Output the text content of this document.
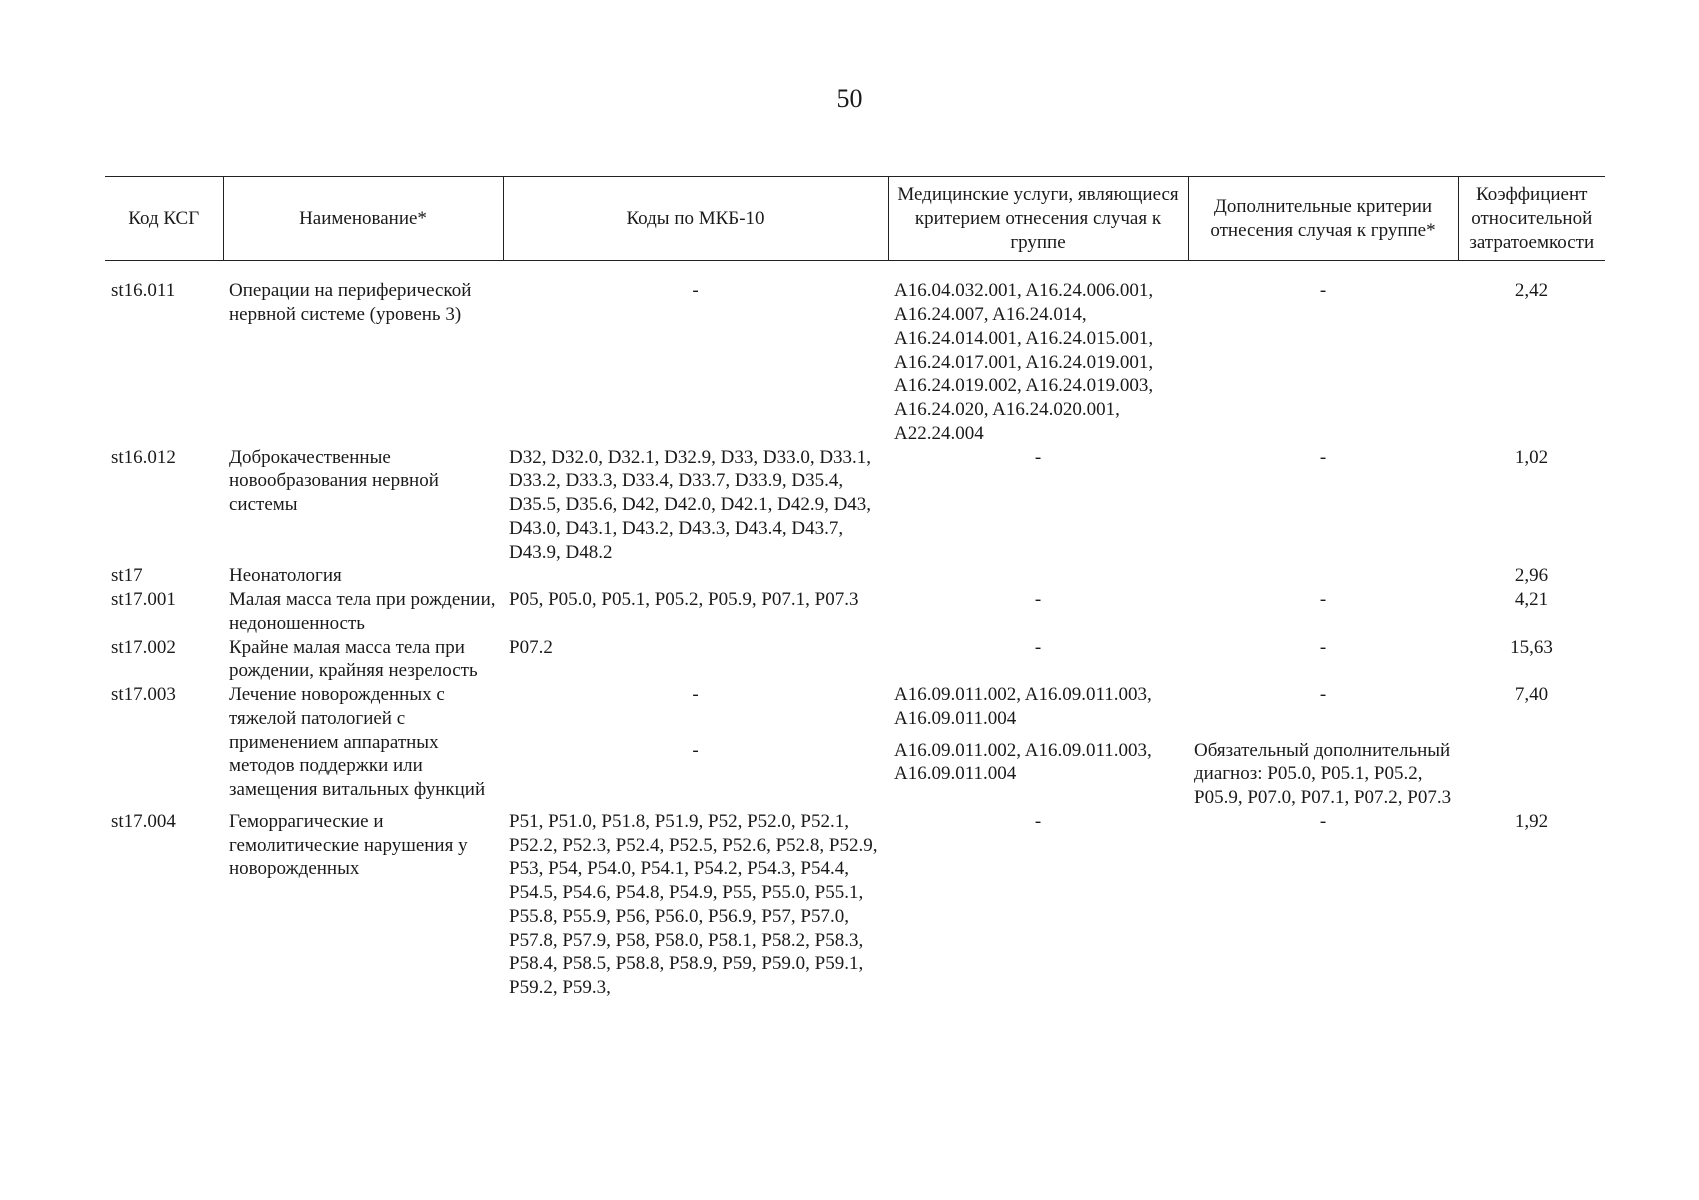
50
Код КСГ	Наименование*	Коды по МКБ-10	Медицинские услуги, являющиеся критерием отнесения случая к группе	Дополнительные критерии отнесения случая к группе*	Коэффициент относительной затратоемкости

st16.011	Операции на периферической нервной системе (уровень 3)	-	A16.04.032.001, A16.24.006.001, A16.24.007, A16.24.014, A16.24.014.001, A16.24.015.001, A16.24.017.001, A16.24.019.001, A16.24.019.002, A16.24.019.003, A16.24.020, A16.24.020.001, A22.24.004	-	2,42
st16.012	Доброкачественные новообразования нервной системы	D32, D32.0, D32.1, D32.9, D33, D33.0, D33.1, D33.2, D33.3, D33.4, D33.7, D33.9, D35.4, D35.5, D35.6, D42, D42.0, D42.1, D42.9, D43, D43.0, D43.1, D43.2, D43.3, D43.4, D43.7, D43.9, D48.2	-	-	1,02
st17	Неонатология				2,96
st17.001	Малая масса тела при рождении, недоношенность	P05, P05.0, P05.1, P05.2, P05.9, P07.1, P07.3	-	-	4,21
st17.002	Крайне малая масса тела при рождении, крайняя незрелость	P07.2	-	-	15,63
st17.003	Лечение новорожденных с тяжелой патологией с применением аппаратных методов поддержки или замещения витальных функций	-	A16.09.011.002, A16.09.011.003, A16.09.011.004	-	7,40
		-	A16.09.011.002, A16.09.011.003, A16.09.011.004	Обязательный дополнительный диагноз: P05.0, P05.1, P05.2, P05.9, P07.0, P07.1, P07.2, P07.3	
st17.004	Геморрагические и гемолитические нарушения у новорожденных	P51, P51.0, P51.8, P51.9, P52, P52.0, P52.1, P52.2, P52.3, P52.4, P52.5, P52.6, P52.8, P52.9, P53, P54, P54.0, P54.1, P54.2, P54.3, P54.4, P54.5, P54.6, P54.8, P54.9, P55, P55.0, P55.1, P55.8, P55.9, P56, P56.0, P56.9, P57, P57.0, P57.8, P57.9, P58, P58.0, P58.1, P58.2, P58.3, P58.4, P58.5, P58.8, P58.9, P59, P59.0, P59.1, P59.2, P59.3,	-	-	1,92
